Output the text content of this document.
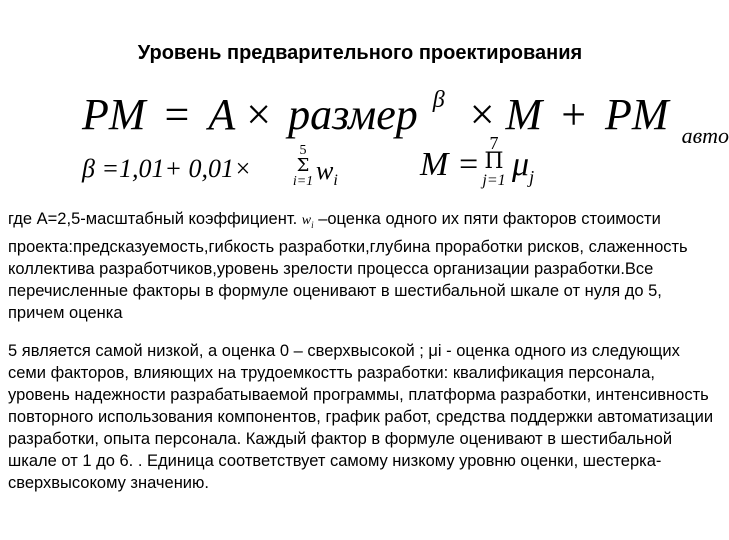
Уровень предварительного проектирования
PM = A × размер β × M + PM авто
β =1,01+ 0,01×
5
Σ
i=1 $w_i$ M =
7
Π
j=1 $\mu_j$
где А=2,5-масштабный коэффициент. $w_i$ –оценка одного их пяти факторов стоимости проекта:предсказуемость,гибкость разработки,глубина проработки рисков, слаженность коллектива разработчиков,уровень зрелости процесса организации разработки.Все перечисленные факторы в формуле оценивают в шестибальной шкале от нуля до 5, причем оценка
5 является самой низкой, а оценка 0 – сверхвысокой ; μi - оценка одного из следующих семи факторов, влияющих на трудоемкостть разработки: квалификация персонала, уровень надежности разрабатываемой программы, платформа разработки, интенсивность повторного использования компонентов, график работ, средства поддержки автоматизации разработки, опыта персонала. Каждый фактор в формуле оценивают в шестибальной шкале от 1 до 6. . Единица соответствует самому низкому уровню оценки, шестерка-сверхвысокому значению.
